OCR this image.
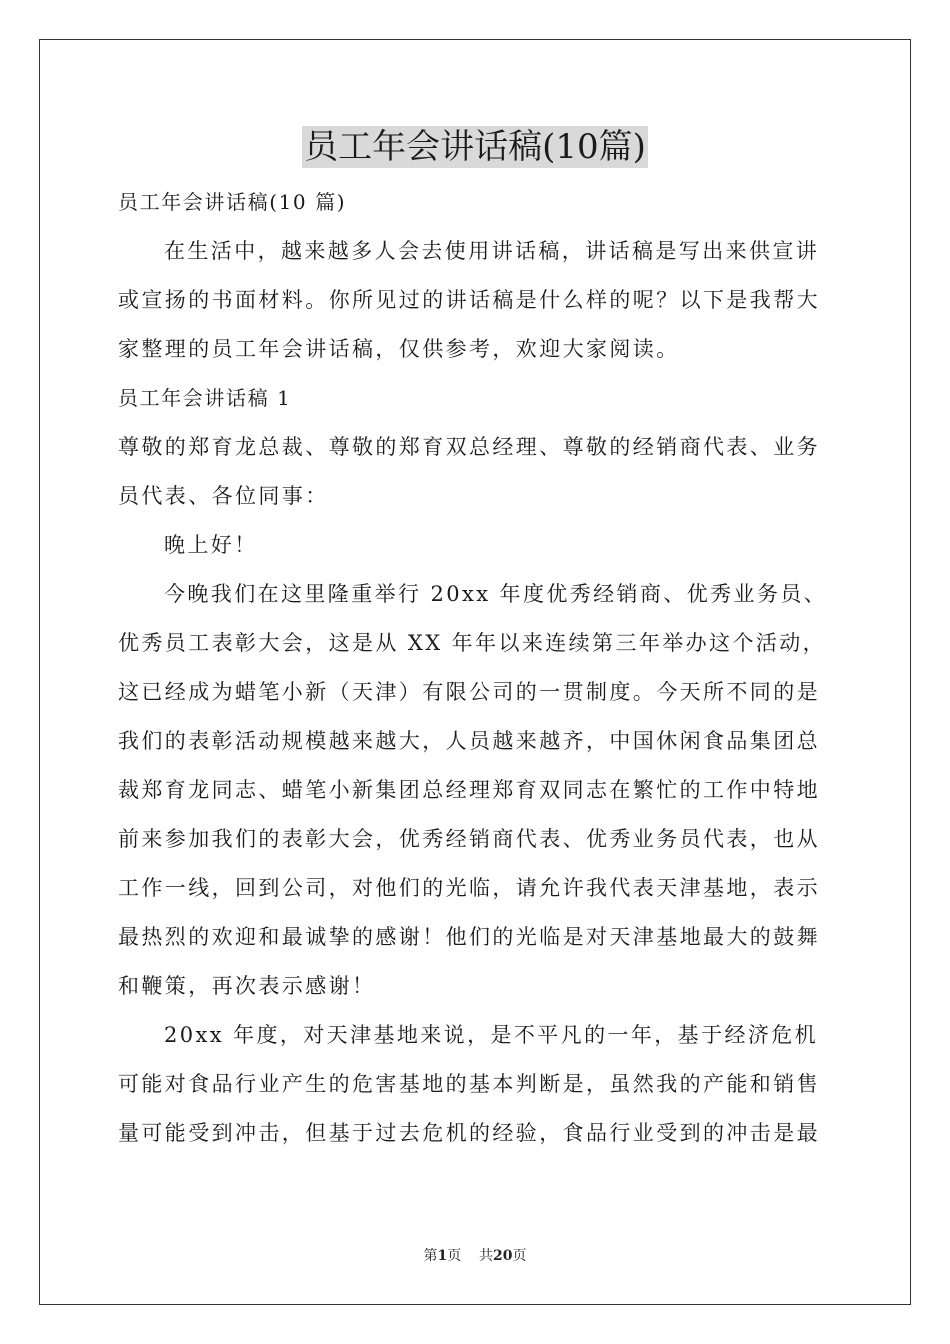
员工年会讲话稿(10篇)
员工年会讲话稿(10 篇)
在生活中，越来越多人会去使用讲话稿，讲话稿是写出来供宣讲
或宣扬的书面材料。你所见过的讲话稿是什么样的呢？以下是我帮大
家整理的员工年会讲话稿，仅供参考，欢迎大家阅读。
员工年会讲话稿 1
尊敬的郑育龙总裁、尊敬的郑育双总经理、尊敬的经销商代表、业务
员代表、各位同事：
晚上好！
今晚我们在这里隆重举行 20xx 年度优秀经销商、优秀业务员、
优秀员工表彰大会，这是从 XX 年年以来连续第三年举办这个活动，
这已经成为蜡笔小新（天津）有限公司的一贯制度。今天所不同的是
我们的表彰活动规模越来越大，人员越来越齐，中国休闲食品集团总
裁郑育龙同志、蜡笔小新集团总经理郑育双同志在繁忙的工作中特地
前来参加我们的表彰大会，优秀经销商代表、优秀业务员代表，也从
工作一线，回到公司，对他们的光临，请允许我代表天津基地，表示
最热烈的欢迎和最诚挚的感谢！他们的光临是对天津基地最大的鼓舞
和鞭策，再次表示感谢！
20xx 年度，对天津基地来说，是不平凡的一年，基于经济危机
可能对食品行业产生的危害基地的基本判断是，虽然我的产能和销售
量可能受到冲击，但基于过去危机的经验，食品行业受到的冲击是最
第1页 共20页
